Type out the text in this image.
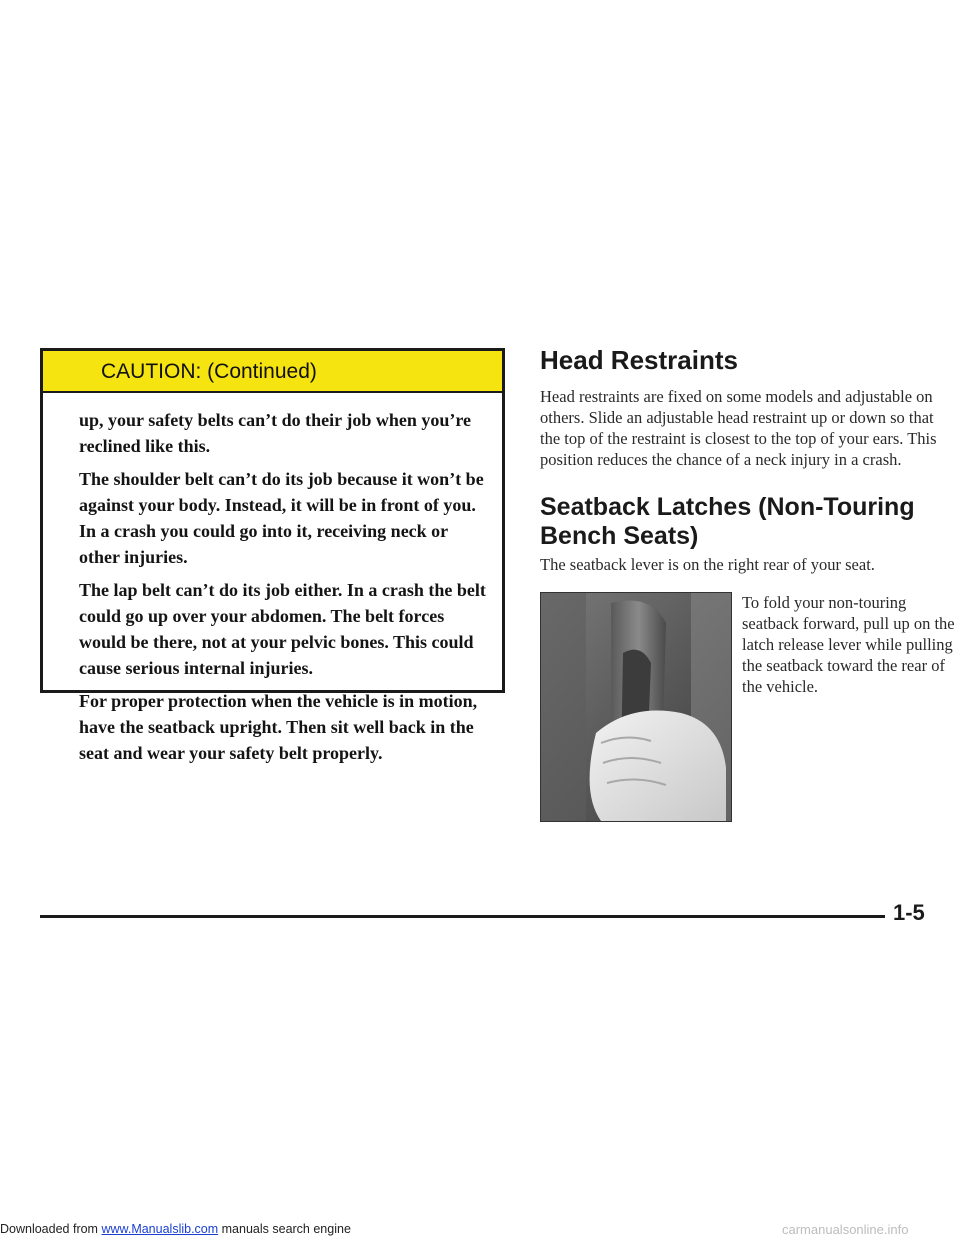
CAUTION: (Continued)

up, your safety belts can’t do their job when you’re reclined like this.

The shoulder belt can’t do its job because it won’t be against your body. Instead, it will be in front of you. In a crash you could go into it, receiving neck or other injuries.

The lap belt can’t do its job either. In a crash the belt could go up over your abdomen. The belt forces would be there, not at your pelvic bones. This could cause serious internal injuries.

For proper protection when the vehicle is in motion, have the seatback upright. Then sit well back in the seat and wear your safety belt properly.

Head Restraints

Head restraints are fixed on some models and adjustable on others. Slide an adjustable head restraint up or down so that the top of the restraint is closest to the top of your ears. This position reduces the chance of a neck injury in a crash.

Seatback Latches (Non-Touring
Bench Seats)

The seatback lever is on the right rear of your seat.

To fold your non-touring seatback forward, pull up on the latch release lever while pulling the seatback toward the rear of the vehicle.

1-5

Downloaded from www.Manualslib.com manuals search engine	carmanualsonline.info
